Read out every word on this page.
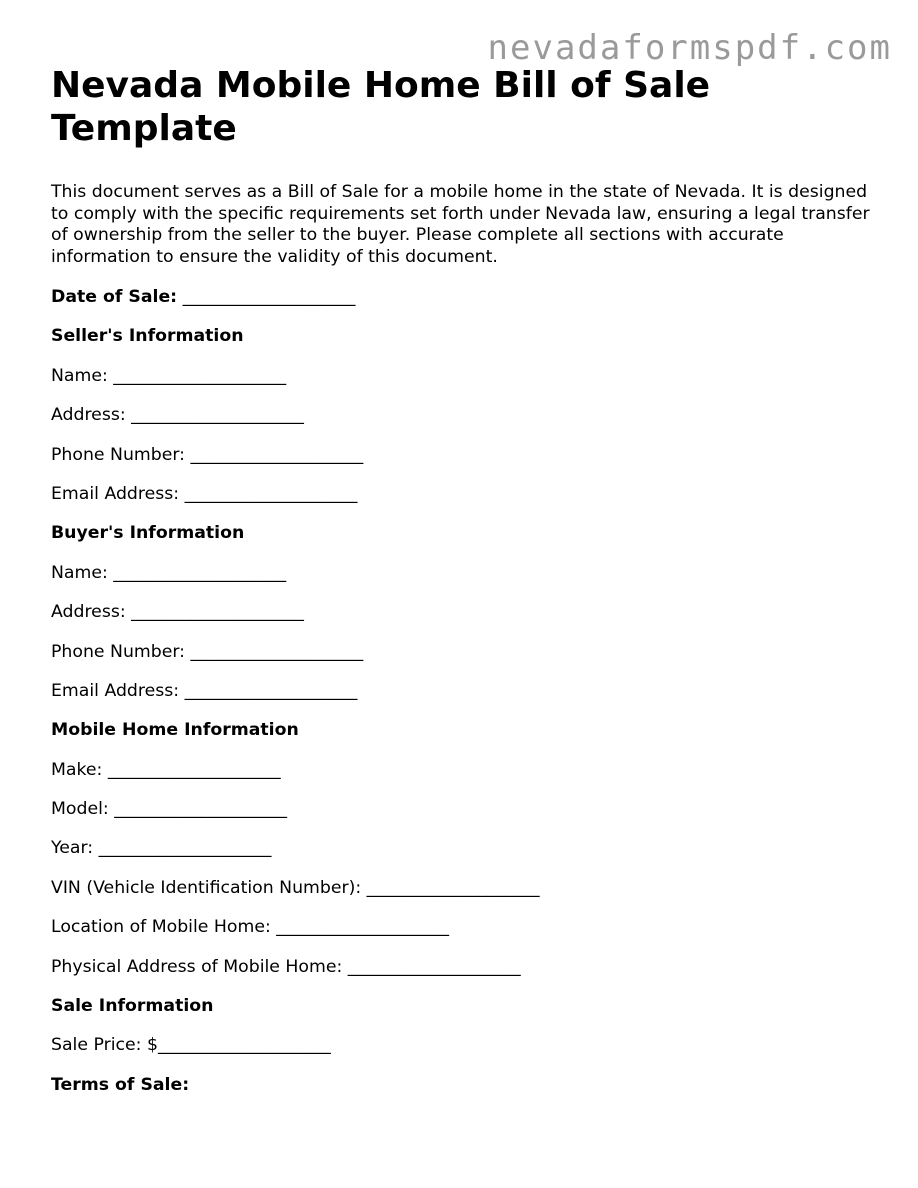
nevadaformspdf.com
Nevada Mobile Home Bill of Sale Template

This document serves as a Bill of Sale for a mobile home in the state of Nevada. It is designed to comply with the specific requirements set forth under Nevada law, ensuring a legal transfer of ownership from the seller to the buyer. Please complete all sections with accurate information to ensure the validity of this document.

Date of Sale: ____________________
Seller's Information
Name: ____________________
Address: ____________________
Phone Number: ____________________
Email Address: ____________________
Buyer's Information
Name: ____________________
Address: ____________________
Phone Number: ____________________
Email Address: ____________________
Mobile Home Information
Make: ____________________
Model: ____________________
Year: ____________________
VIN (Vehicle Identification Number): ____________________
Location of Mobile Home: ____________________
Physical Address of Mobile Home: ____________________
Sale Information
Sale Price: $____________________
Terms of Sale:
